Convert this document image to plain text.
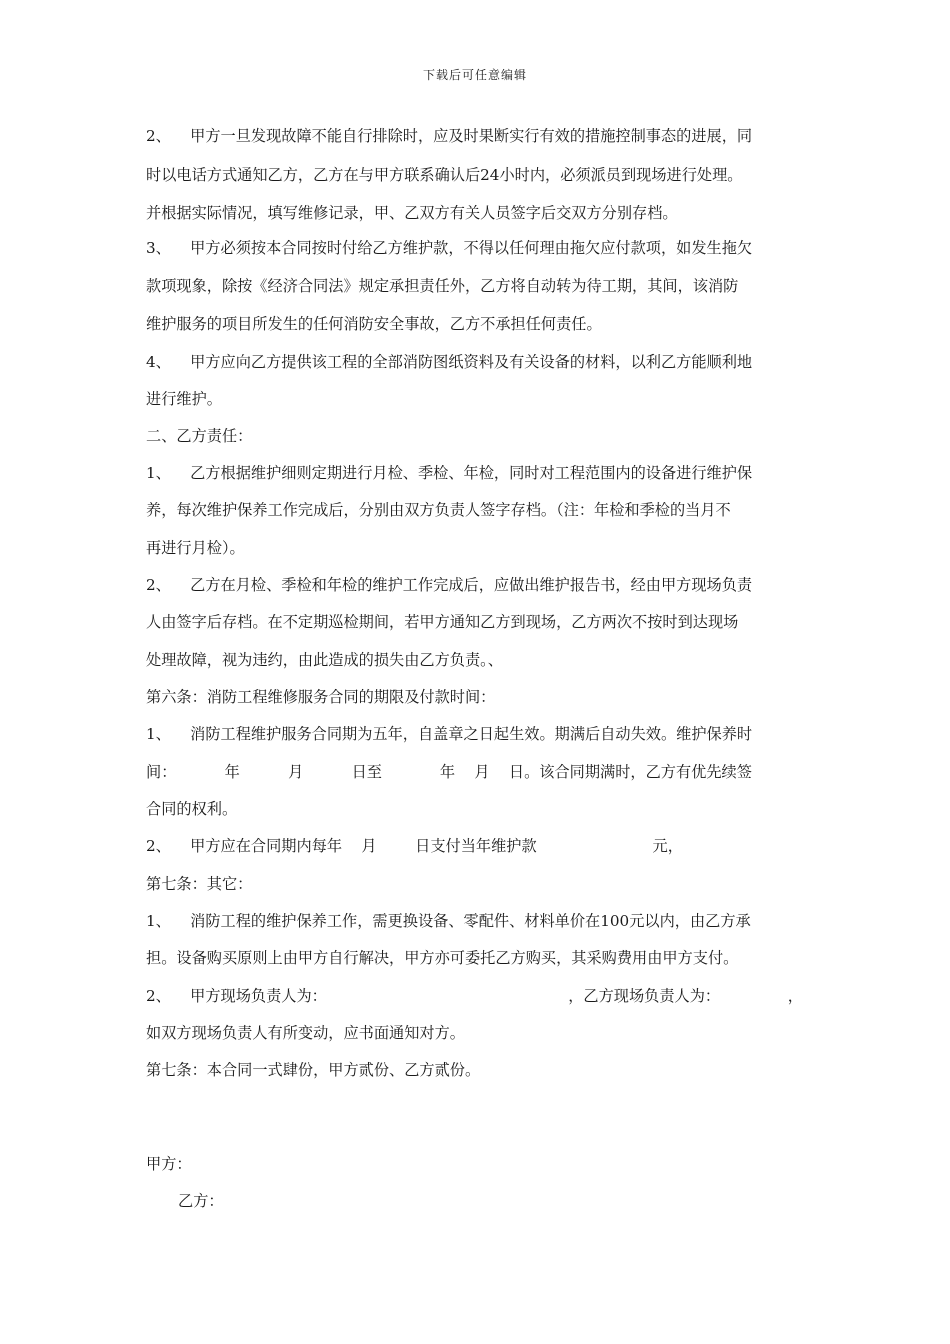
下载后可任意编辑
2、    甲方一旦发现故障不能自行排除时，应及时果断实行有效的措施控制事态的进展，同
时以电话方式通知乙方，乙方在与甲方联系确认后24小时内，必须派员到现场进行处理。
并根据实际情况，填写维修记录，甲、乙双方有关人员签字后交双方分别存档。
3、    甲方必须按本合同按时付给乙方维护款，不得以任何理由拖欠应付款项，如发生拖欠
款项现象，除按《经济合同法》规定承担责任外，乙方将自动转为待工期，其间，该消防
维护服务的项目所发生的任何消防安全事故，乙方不承担任何责任。
4、    甲方应向乙方提供该工程的全部消防图纸资料及有关设备的材料，以利乙方能顺利地
进行维护。
二、乙方责任：
1、    乙方根据维护细则定期进行月检、季检、年检，同时对工程范围内的设备进行维护保
养，每次维护保养工作完成后，分别由双方负责人签字存档。（注：年检和季检的当月不
再进行月检）。
2、    乙方在月检、季检和年检的维护工作完成后，应做出维护报告书，经由甲方现场负责
人由签字后存档。在不定期巡检期间，若甲方通知乙方到现场，乙方两次不按时到达现场
处理故障，视为违约，由此造成的损失由乙方负责。、
第六条：消防工程维修服务合同的期限及付款时间：
1、    消防工程维护服务合同期为五年，自盖章之日起生效。期满后自动失效。维护保养时
间：          年          月          日至            年    月    日。该合同期满时，乙方有优先续签
合同的权利。
2、    甲方应在合同期内每年    月        日支付当年维护款                        元，
第七条：其它：
1、    消防工程的维护保养工作，需更换设备、零配件、材料单价在100元以内，由乙方承
担。设备购买原则上由甲方自行解决，甲方亦可委托乙方购买，其采购费用由甲方支付。
2、    甲方现场负责人为：                                                  ，乙方现场负责人为：              ，
如双方现场负责人有所变动，应书面通知对方。
第七条：本合同一式肆份，甲方贰份、乙方贰份。
甲方：
乙方：
